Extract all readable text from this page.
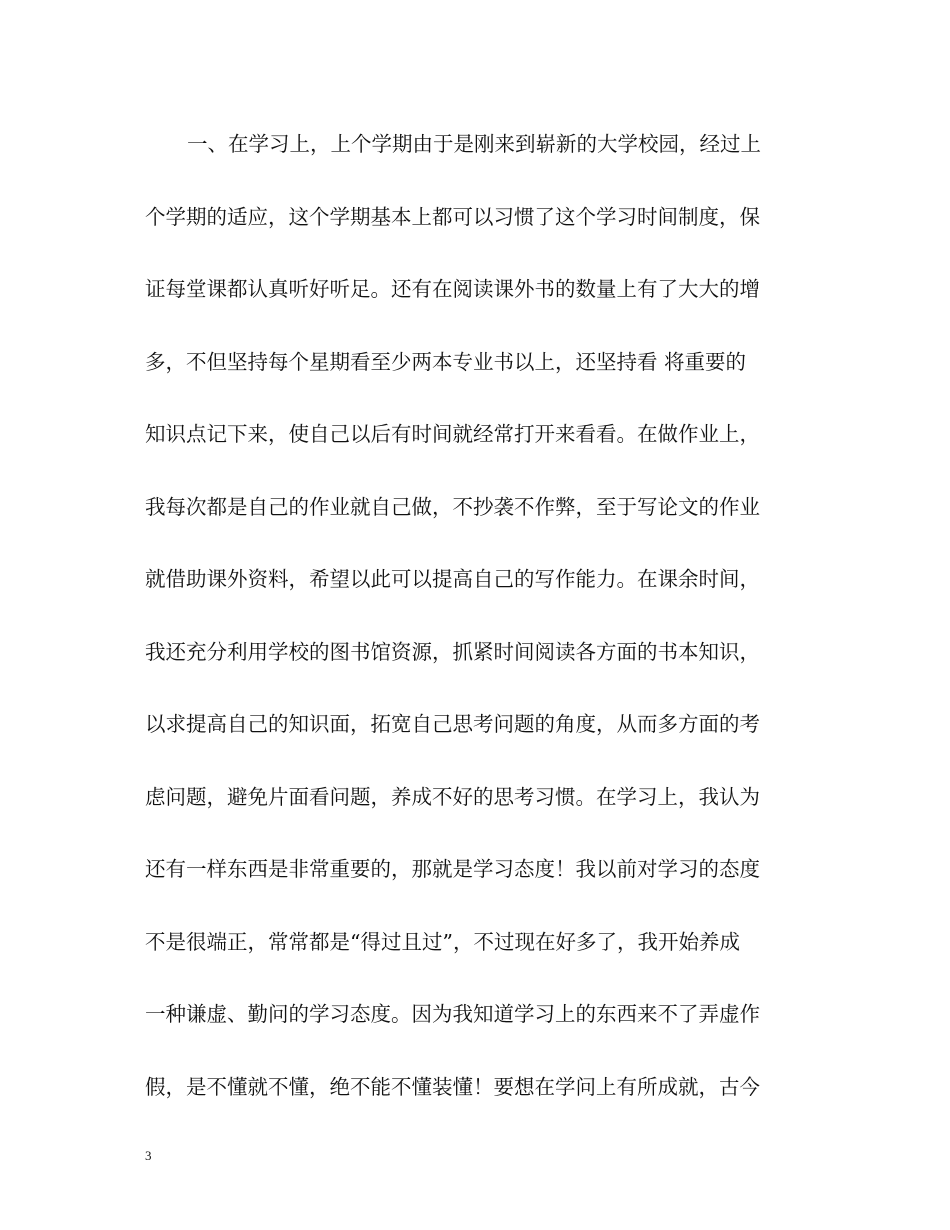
一、在学习上，上个学期由于是刚来到崭新的大学校园，经过上
个学期的适应，这个学期基本上都可以习惯了这个学习时间制度，保
证每堂课都认真听好听足。还有在阅读课外书的数量上有了大大的增
多，不但坚持每个星期看至少两本专业书以上，还坚持看 将重要的
知识点记下来，使自己以后有时间就经常打开来看看。在做作业上，
我每次都是自己的作业就自己做，不抄袭不作弊，至于写论文的作业
就借助课外资料，希望以此可以提高自己的写作能力。在课余时间，
我还充分利用学校的图书馆资源，抓紧时间阅读各方面的书本知识，
以求提高自己的知识面，拓宽自己思考问题的角度，从而多方面的考
虑问题，避免片面看问题，养成不好的思考习惯。在学习上，我认为
还有一样东西是非常重要的，那就是学习态度！我以前对学习的态度
不是很端正，常常都是“得过且过”，不过现在好多了，我开始养成
一种谦虚、勤问的学习态度。因为我知道学习上的东西来不了弄虚作
假，是不懂就不懂，绝不能不懂装懂！要想在学问上有所成就，古今
3
